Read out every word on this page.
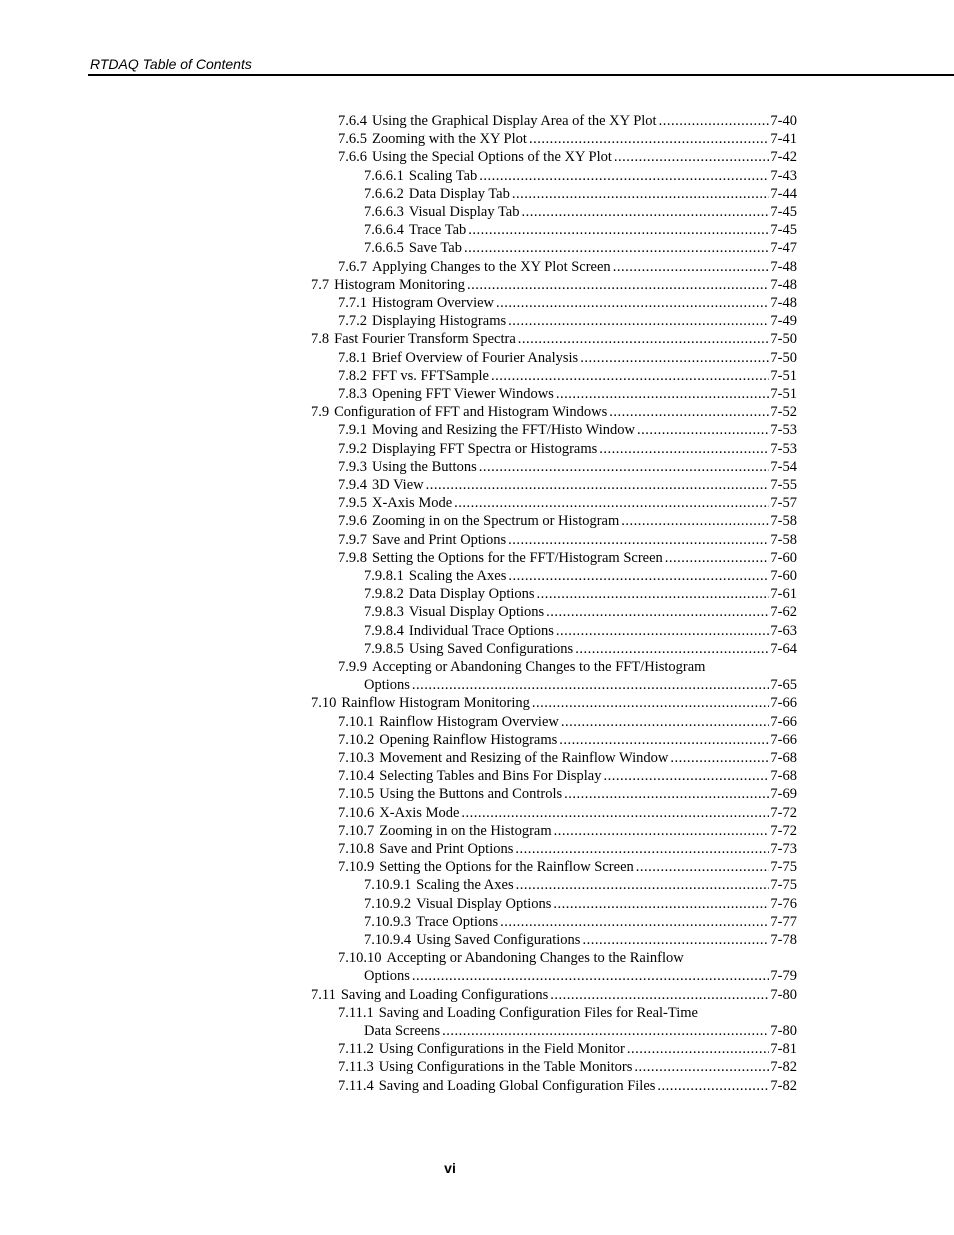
RTDAQ Table of Contents
7.6.4 Using the Graphical Display Area of the XY Plot .....	7-40
7.6.5 Zooming with the XY Plot .....	7-41
7.6.6 Using the Special Options of the XY Plot .....	7-42
7.6.6.1 Scaling Tab .....	7-43
7.6.6.2 Data Display Tab .....	7-44
7.6.6.3 Visual Display Tab .....	7-45
7.6.6.4 Trace Tab .....	7-45
7.6.6.5 Save Tab .....	7-47
7.6.7 Applying Changes to the XY Plot Screen .....	7-48
7.7 Histogram Monitoring .....	7-48
7.7.1 Histogram Overview .....	7-48
7.7.2 Displaying Histograms .....	7-49
7.8 Fast Fourier Transform Spectra .....	7-50
7.8.1 Brief Overview of Fourier Analysis .....	7-50
7.8.2 FFT vs. FFTSample .....	7-51
7.8.3 Opening FFT Viewer Windows .....	7-51
7.9 Configuration of FFT and Histogram Windows .....	7-52
7.9.1 Moving and Resizing the FFT/Histo Window .....	7-53
7.9.2 Displaying FFT Spectra or Histograms .....	7-53
7.9.3 Using the Buttons .....	7-54
7.9.4 3D View .....	7-55
7.9.5 X-Axis Mode .....	7-57
7.9.6 Zooming in on the Spectrum or Histogram .....	7-58
7.9.7 Save and Print Options .....	7-58
7.9.8 Setting the Options for the FFT/Histogram Screen .....	7-60
7.9.8.1 Scaling the Axes .....	7-60
7.9.8.2 Data Display Options .....	7-61
7.9.8.3 Visual Display Options .....	7-62
7.9.8.4 Individual Trace Options .....	7-63
7.9.8.5 Using Saved Configurations .....	7-64
7.9.9 Accepting or Abandoning Changes to the FFT/Histogram
Options .....	7-65
7.10 Rainflow Histogram Monitoring .....	7-66
7.10.1 Rainflow Histogram Overview .....	7-66
7.10.2 Opening Rainflow Histograms .....	7-66
7.10.3 Movement and Resizing of the Rainflow Window .....	7-68
7.10.4 Selecting Tables and Bins For Display .....	7-68
7.10.5 Using the Buttons and Controls .....	7-69
7.10.6 X-Axis Mode .....	7-72
7.10.7 Zooming in on the Histogram .....	7-72
7.10.8 Save and Print Options .....	7-73
7.10.9 Setting the Options for the Rainflow Screen .....	7-75
7.10.9.1 Scaling the Axes .....	7-75
7.10.9.2 Visual Display Options .....	7-76
7.10.9.3 Trace Options .....	7-77
7.10.9.4 Using Saved Configurations .....	7-78
7.10.10 Accepting or Abandoning Changes to the Rainflow
Options .....	7-79
7.11 Saving and Loading Configurations .....	7-80
7.11.1 Saving and Loading Configuration Files for Real-Time
Data Screens .....	7-80
7.11.2 Using Configurations in the Field Monitor .....	7-81
7.11.3 Using Configurations in the Table Monitors .....	7-82
7.11.4 Saving and Loading Global Configuration Files .....	7-82
vi
